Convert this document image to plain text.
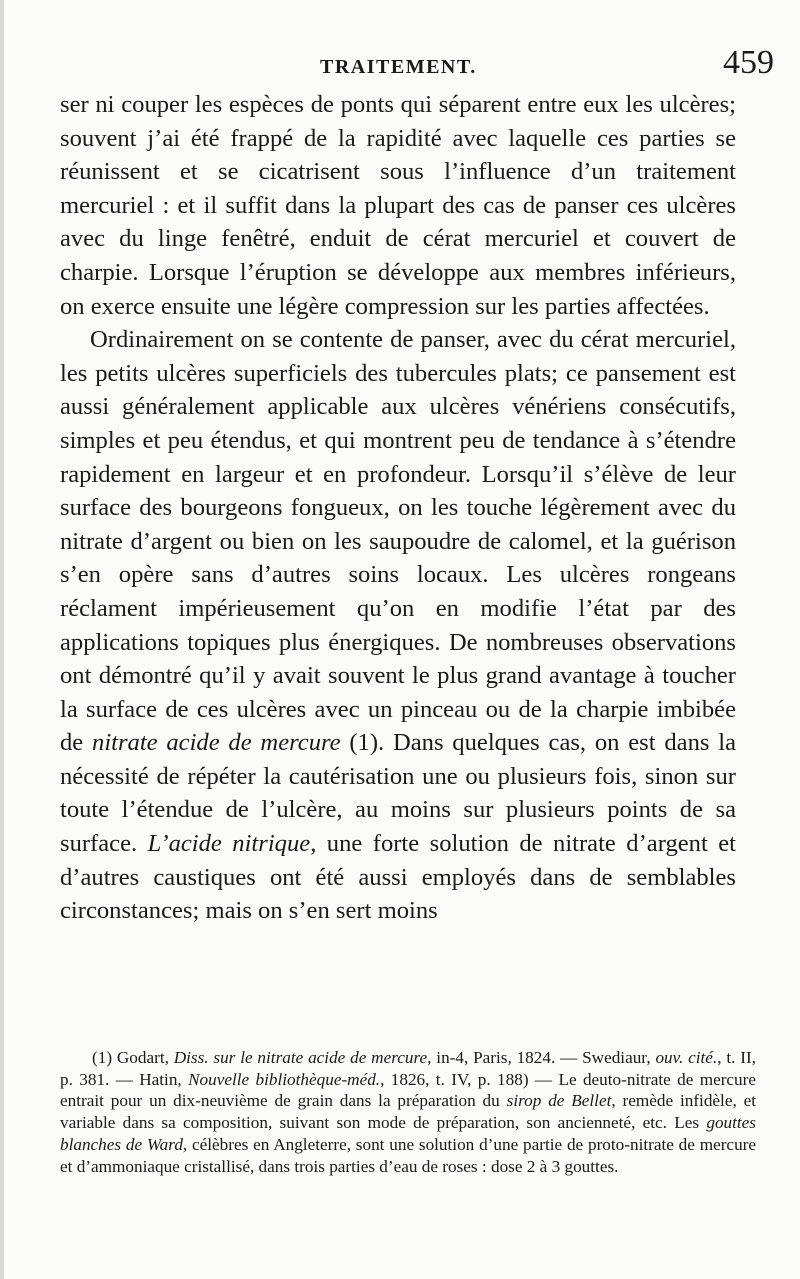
TRAITEMENT.	459

ser ni couper les espèces de ponts qui séparent entre eux les ulcères; souvent j’ai été frappé de la rapidité avec laquelle ces parties se réunissent et se cicatrisent sous l’influence d’un traitement mercuriel : et il suffit dans la plupart des cas de panser ces ulcères avec du linge fenêtré, enduit de cérat mercuriel et couvert de charpie. Lorsque l’éruption se développe aux membres inférieurs, on exerce ensuite une légère compression sur les parties affectées.

Ordinairement on se contente de panser, avec du cérat mercuriel, les petits ulcères superficiels des tubercules plats; ce pansement est aussi généralement applicable aux ulcères vénériens consécutifs, simples et peu étendus, et qui montrent peu de tendance à s’étendre rapidement en largeur et en profondeur. Lorsqu’il s’élève de leur surface des bourgeons fongueux, on les touche légèrement avec du nitrate d’argent ou bien on les saupoudre de calomel, et la guérison s’en opère sans d’autres soins locaux. Les ulcères rongeans réclament impérieusement qu’on en modifie l’état par des applications topiques plus énergiques. De nombreuses observations ont démontré qu’il y avait souvent le plus grand avantage à toucher la surface de ces ulcères avec un pinceau ou de la charpie imbibée de nitrate acide de mercure (1). Dans quelques cas, on est dans la nécessité de répéter la cautérisation une ou plusieurs fois, sinon sur toute l’étendue de l’ulcère, au moins sur plusieurs points de sa surface. L’acide nitrique, une forte solution de nitrate d’argent et d’autres caustiques ont été aussi employés dans de semblables circonstances; mais on s’en sert moins

(1) Godart, Diss. sur le nitrate acide de mercure, in-4, Paris, 1824. — Swediaur, ouv. cité., t. II, p. 381. — Hatin, Nouvelle bibliothèque-méd., 1826, t. IV, p. 188) — Le deuto-nitrate de mercure entrait pour un dix-neuvième de grain dans la préparation du sirop de Bellet, remède infidèle, et variable dans sa composition, suivant son mode de préparation, son ancienneté, etc. Les gouttes blanches de Ward, célèbres en Angleterre, sont une solution d’une partie de proto-nitrate de mercure et d’ammoniaque cristallisé, dans trois parties d’eau de roses : dose 2 à 3 gouttes.
